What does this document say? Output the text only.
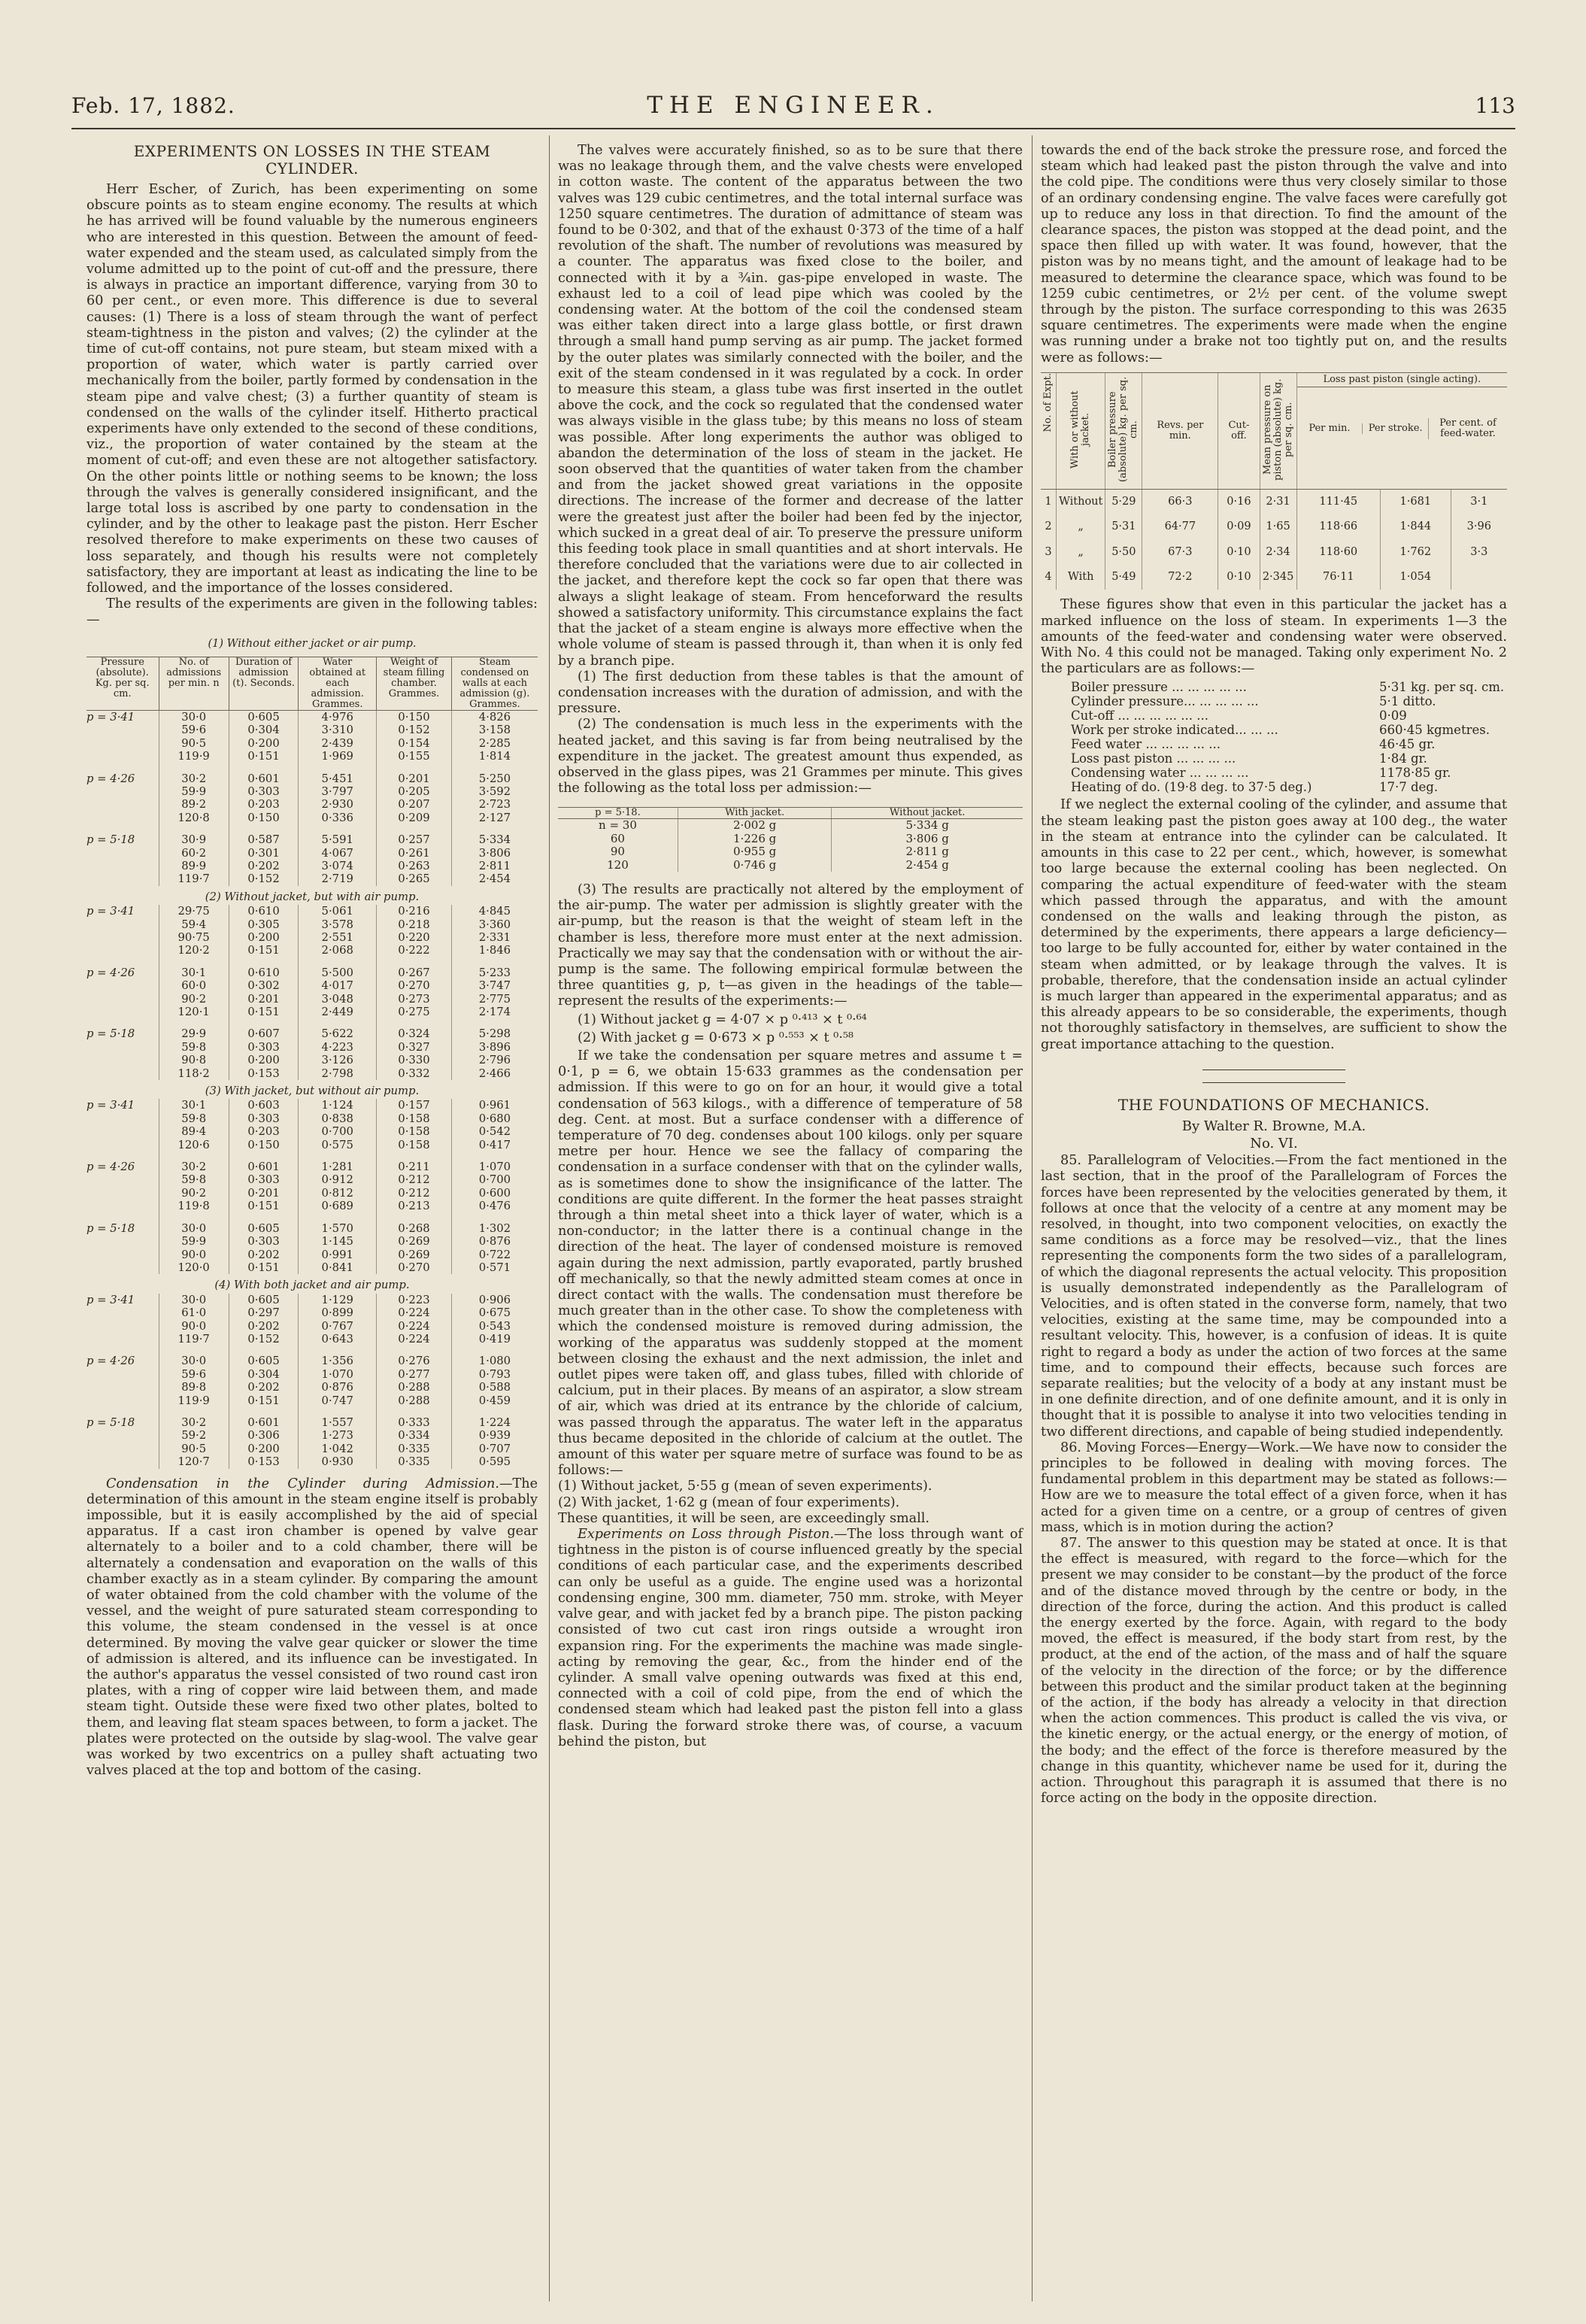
Feb. 17, 1882.	THE ENGINEER.	113
EXPERIMENTS ON LOSSES IN THE STEAM CYLINDER.

Herr Escher, of Zurich, has been experimenting on some obscure points as to steam engine economy. The results at which he has arrived will be found valuable by the numerous engineers who are interested in this question. Between the amount of feed-water expended and the steam used, as calculated simply from the volume admitted up to the point of cut-off and the pressure, there is always in practice an important difference, varying from 30 to 60 per cent., or even more. This difference is due to several causes: (1) There is a loss of steam through the want of perfect steam-tightness in the piston and valves; (2) the cylinder at the time of cut-off contains, not pure steam, but steam mixed with a proportion of water, which water is partly carried over mechanically from the boiler, partly formed by condensation in the steam pipe and valve chest; (3) a further quantity of steam is condensed on the walls of the cylinder itself. Hitherto practical experiments have only extended to the second of these conditions, viz., the proportion of water contained by the steam at the moment of cut-off; and even these are not altogether satisfactory. On the other points little or nothing seems to be known; the loss through the valves is generally considered insignificant, and the large total loss is ascribed by one party to condensation in the cylinder, and by the other to leakage past the piston. Herr Escher resolved therefore to make experiments on these two causes of loss separately, and though his results were not completely satisfactory, they are important at least as indicating the line to be followed, and the importance of the losses considered.

The results of the experiments are given in the following tables:—

(1) Without either jacket or air pump.
Pressure (absolute). Kg. per sq. cm.	No. of admissions per min. n	Duration of admission (t). Seconds.	Water obtained at each admission. Grammes.	Weight of steam filling chamber. Grammes.	Steam condensed on walls at each admission (g). Grammes.
p = 3·41	30·0	0·605	4·976	0·150	4·826
	59·6	0·304	3·310	0·152	3·158
	90·5	0·200	2·439	0·154	2·285
	119·9	0·151	1·969	0·155	1·814
p = 4·26	30·2	0·601	5·451	0·201	5·250
	59·9	0·303	3·797	0·205	3·592
	89·2	0·203	2·930	0·207	2·723
	120·8	0·150	0·336	0·209	2·127
p = 5·18	30·9	0·587	5·591	0·257	5·334
	60·2	0·301	4·067	0·261	3·806
	89·9	0·202	3·074	0·263	2·811
	119·7	0·152	2·719	0·265	2·454
(2) Without jacket, but with air pump.					
p = 3·41	29·75	0·610	5·061	0·216	4·845
	59·4	0·305	3·578	0·218	3·360
	90·75	0·200	2·551	0·220	2·331
	120·2	0·151	2·068	0·222	1·846
p = 4·26	30·1	0·610	5·500	0·267	5·233
	60·0	0·302	4·017	0·270	3·747
	90·2	0·201	3·048	0·273	2·775
	120·1	0·151	2·449	0·275	2·174
p = 5·18	29·9	0·607	5·622	0·324	5·298
	59·8	0·303	4·223	0·327	3·896
	90·8	0·200	3·126	0·330	2·796
	118·2	0·153	2·798	0·332	2·466
(3) With jacket, but without air pump.					
p = 3·41	30·1	0·603	1·124	0·157	0·961
	59·8	0·303	0·838	0·158	0·680
	89·4	0·203	0·700	0·158	0·542
	120·6	0·150	0·575	0·158	0·417
p = 4·26	30·2	0·601	1·281	0·211	1·070
	59·8	0·303	0·912	0·212	0·700
	90·2	0·201	0·812	0·212	0·600
	119·8	0·151	0·689	0·213	0·476
p = 5·18	30·0	0·605	1·570	0·268	1·302
	59·9	0·303	1·145	0·269	0·876
	90·0	0·202	0·991	0·269	0·722
	120·0	0·151	0·841	0·270	0·571
(4) With both jacket and air pump.					
p = 3·41	30·0	0·605	1·129	0·223	0·906
	61·0	0·297	0·899	0·224	0·675
	90·0	0·202	0·767	0·224	0·543
	119·7	0·152	0·643	0·224	0·419
p = 4·26	30·0	0·605	1·356	0·276	1·080
	59·6	0·304	1·070	0·277	0·793
	89·8	0·202	0·876	0·288	0·588
	119·9	0·151	0·747	0·288	0·459
p = 5·18	30·2	0·601	1·557	0·333	1·224
	59·2	0·306	1·273	0·334	0·939
	90·5	0·200	1·042	0·335	0·707
	120·7	0·153	0·930	0·335	0·595

Condensation in the Cylinder during Admission.—The determination of this amount in the steam engine itself is probably impossible, but it is easily accomplished by the aid of special apparatus. If a cast iron chamber is opened by valve gear alternately to a boiler and to a cold chamber, there will be alternately a condensation and evaporation on the walls of this chamber exactly as in a steam cylinder. By comparing the amount of water obtained from the cold chamber with the volume of the vessel, and the weight of pure saturated steam corresponding to this volume, the steam condensed in the vessel is at once determined. By moving the valve gear quicker or slower the time of admission is altered, and its influence can be investigated. In the author's apparatus the vessel consisted of two round cast iron plates, with a ring of copper wire laid between them, and made steam tight. Outside these were fixed two other plates, bolted to them, and leaving flat steam spaces between, to form a jacket. The plates were protected on the outside by slag-wool. The valve gear was worked by two excentrics on a pulley shaft actuating two valves placed at the top and bottom of the casing.

The valves were accurately finished, so as to be sure that there was no leakage through them, and the valve chests were enveloped in cotton waste. The content of the apparatus between the two valves was 129 cubic centimetres, and the total internal surface was 1250 square centimetres. The duration of admittance of steam was found to be 0·302, and that of the exhaust 0·373 of the time of a half revolution of the shaft. The number of revolutions was measured by a counter. The apparatus was fixed close to the boiler, and connected with it by a ¾in. gas-pipe enveloped in waste. The exhaust led to a coil of lead pipe which was cooled by the condensing water. At the bottom of the coil the condensed steam was either taken direct into a large glass bottle, or first drawn through a small hand pump serving as air pump. The jacket formed by the outer plates was similarly connected with the boiler, and the exit of the steam condensed in it was regulated by a cock. In order to measure this steam, a glass tube was first inserted in the outlet above the cock, and the cock so regulated that the condensed water was always visible in the glass tube; by this means no loss of steam was possible. After long experiments the author was obliged to abandon the determination of the loss of steam in the jacket. He soon observed that the quantities of water taken from the chamber and from the jacket showed great variations in the opposite directions. The increase of the former and decrease of the latter were the greatest just after the boiler had been fed by the injector, which sucked in a great deal of air. To preserve the pressure uniform this feeding took place in small quantities and at short intervals. He therefore concluded that the variations were due to air collected in the jacket, and therefore kept the cock so far open that there was always a slight leakage of steam. From henceforward the results showed a satisfactory uniformity. This circumstance explains the fact that the jacket of a steam engine is always more effective when the whole volume of steam is passed through it, than when it is only fed by a branch pipe.

(1) The first deduction from these tables is that the amount of condensation increases with the duration of admission, and with the pressure.

(2) The condensation is much less in the experiments with the heated jacket, and this saving is far from being neutralised by the expenditure in the jacket. The greatest amount thus expended, as observed in the glass pipes, was 21 Grammes per minute. This gives the following as the total loss per admission:—

p = 5·18.	With jacket.	Without jacket.
n = 30	2·002 g	5·334 g
60	1·226 g	3·806 g
90	0·955 g	2·811 g
120	0·746 g	2·454 g

(3) The results are practically not altered by the employment of the air-pump. The water per admission is slightly greater with the air-pump, but the reason is that the weight of steam left in the chamber is less, therefore more must enter at the next admission. Practically we may say that the condensation with or without the air-pump is the same. The following empirical formulæ between the three quantities g, p, t—as given in the headings of the table—represent the results of the experiments:—

(1) Without jacket g = 4·07 × p ⁰·⁴¹³ × t ⁰·⁶⁴
(2) With jacket g = 0·673 × p ⁰·⁵⁵³ × t ⁰·⁵⁸

If we take the condensation per square metres and assume t = 0·1, p = 6, we obtain 15·633 grammes as the condensation per admission. If this were to go on for an hour, it would give a total condensation of 563 kilogs., with a difference of temperature of 58 deg. Cent. at most. But a surface condenser with a difference of temperature of 70 deg. condenses about 100 kilogs. only per square metre per hour. Hence we see the fallacy of comparing the condensation in a surface condenser with that on the cylinder walls, as is sometimes done to show the insignificance of the latter. The conditions are quite different. In the former the heat passes straight through a thin metal sheet into a thick layer of water, which is a non-conductor; in the latter there is a continual change in the direction of the heat. The layer of condensed moisture is removed again during the next admission, partly evaporated, partly brushed off mechanically, so that the newly admitted steam comes at once in direct contact with the walls. The condensation must therefore be much greater than in the other case. To show the completeness with which the condensed moisture is removed during admission, the working of the apparatus was suddenly stopped at the moment between closing the exhaust and the next admission, the inlet and outlet pipes were taken off, and glass tubes, filled with chloride of calcium, put in their places. By means of an aspirator, a slow stream of air, which was dried at its entrance by the chloride of calcium, was passed through the apparatus. The water left in the apparatus thus became deposited in the chloride of calcium at the outlet. The amount of this water per square metre of surface was found to be as follows:—

(1) Without jacket, 5·55 g (mean of seven experiments).

(2) With jacket, 1·62 g (mean of four experiments).

These quantities, it will be seen, are exceedingly small.

Experiments on Loss through Piston.—The loss through want of tightness in the piston is of course influenced greatly by the special conditions of each particular case, and the experiments described can only be useful as a guide. The engine used was a horizontal condensing engine, 300 mm. diameter, 750 mm. stroke, with Meyer valve gear, and with jacket fed by a branch pipe. The piston packing consisted of two cut cast iron rings outside a wrought iron expansion ring. For the experiments the machine was made single-acting by removing the gear, &c., from the hinder end of the cylinder. A small valve opening outwards was fixed at this end, connected with a coil of cold pipe, from the end of which the condensed steam which had leaked past the piston fell into a glass flask. During the forward stroke there was, of course, a vacuum behind the piston, but

towards the end of the back stroke the pressure rose, and forced the steam which had leaked past the piston through the valve and into the cold pipe. The conditions were thus very closely similar to those of an ordinary condensing engine. The valve faces were carefully got up to reduce any loss in that direction. To find the amount of the clearance spaces, the piston was stopped at the dead point, and the space then filled up with water. It was found, however, that the piston was by no means tight, and the amount of leakage had to be measured to determine the clearance space, which was found to be 1259 cubic centimetres, or 2½ per cent. of the volume swept through by the piston. The surface corresponding to this was 2635 square centimetres. The experiments were made when the engine was running under a brake not too tightly put on, and the results were as follows:—

No. of Expt.	With or without jacket.	Boiler pressure (absolute) kg. per sq. cm.	Revs. per min.	Cut-off.	Mean pressure on piston (absolute) kg. per sq. cm.	Loss past piston (single acting).
Per min. Per stroke. Per cent. of feed-water.		

1	Without	5·29	66·3	0·16	2·31	111·45	1·681	3·1
2	„	5·31	64·77	0·09	1·65	118·66	1·844	3·96
3	„	5·50	67·3	0·10	2·34	118·60	1·762	3·3
4	With	5·49	72·2	0·10	2·345	76·11	1·054	

These figures show that even in this particular the jacket has a marked influence on the loss of steam. In experiments 1—3 the amounts of the feed-water and condensing water were observed. With No. 4 this could not be managed. Taking only experiment No. 2 the particulars are as follows:—

Boiler pressure ... ... ... ... ...	5·31 kg. per sq. cm.
Cylinder pressure... ... ... ... ...	5·1 ditto.
Cut-off ... ... ... ... ... ...	0·09
Work per stroke indicated... ... ...	660·45 kgmetres.
Feed water ... ... ... ... ...	46·45 gr.
Loss past piston ... ... ... ...	1·84 gr.
Condensing water ... ... ... ...	1178·85 gr.
Heating of do. (19·8 deg. to 37·5 deg.)	17·7 deg.

If we neglect the external cooling of the cylinder, and assume that the steam leaking past the piston goes away at 100 deg., the water in the steam at entrance into the cylinder can be calculated. It amounts in this case to 22 per cent., which, however, is somewhat too large because the external cooling has been neglected. On comparing the actual expenditure of feed-water with the steam which passed through the apparatus, and with the amount condensed on the walls and leaking through the piston, as determined by the experiments, there appears a large deficiency—too large to be fully accounted for, either by water contained in the steam when admitted, or by leakage through the valves. It is probable, therefore, that the condensation inside an actual cylinder is much larger than appeared in the experimental apparatus; and as this already appears to be so considerable, the experiments, though not thoroughly satisfactory in themselves, are sufficient to show the great importance attaching to the question.

THE FOUNDATIONS OF MECHANICS.
By Walter R. Browne, M.A.
No. VI.

85. Parallelogram of Velocities.—From the fact mentioned in the last section, that in the proof of the Parallelogram of Forces the forces have been represented by the velocities generated by them, it follows at once that the velocity of a centre at any moment may be resolved, in thought, into two component velocities, on exactly the same conditions as a force may be resolved—viz., that the lines representing the components form the two sides of a parallelogram, of which the diagonal represents the actual velocity. This proposition is usually demonstrated independently as the Parallelogram of Velocities, and is often stated in the converse form, namely, that two velocities, existing at the same time, may be compounded into a resultant velocity. This, however, is a confusion of ideas. It is quite right to regard a body as under the action of two forces at the same time, and to compound their effects, because such forces are separate realities; but the velocity of a body at any instant must be in one definite direction, and of one definite amount, and it is only in thought that it is possible to analyse it into two velocities tending in two different directions, and capable of being studied independently.

86. Moving Forces—Energy—Work.—We have now to consider the principles to be followed in dealing with moving forces. The fundamental problem in this department may be stated as follows:—How are we to measure the total effect of a given force, when it has acted for a given time on a centre, or a group of centres of given mass, which is in motion during the action?

87. The answer to this question may be stated at once. It is that the effect is measured, with regard to the force—which for the present we may consider to be constant—by the product of the force and of the distance moved through by the centre or body, in the direction of the force, during the action. And this product is called the energy exerted by the force. Again, with regard to the body moved, the effect is measured, if the body start from rest, by the product, at the end of the action, of the mass and of half the square of the velocity in the direction of the force; or by the difference between this product and the similar product taken at the beginning of the action, if the body has already a velocity in that direction when the action commences. This product is called the vis viva, or the kinetic energy, or the actual energy, or the energy of motion, of the body; and the effect of the force is therefore measured by the change in this quantity, whichever name be used for it, during the action. Throughout this paragraph it is assumed that there is no force acting on the body in the opposite direction.
